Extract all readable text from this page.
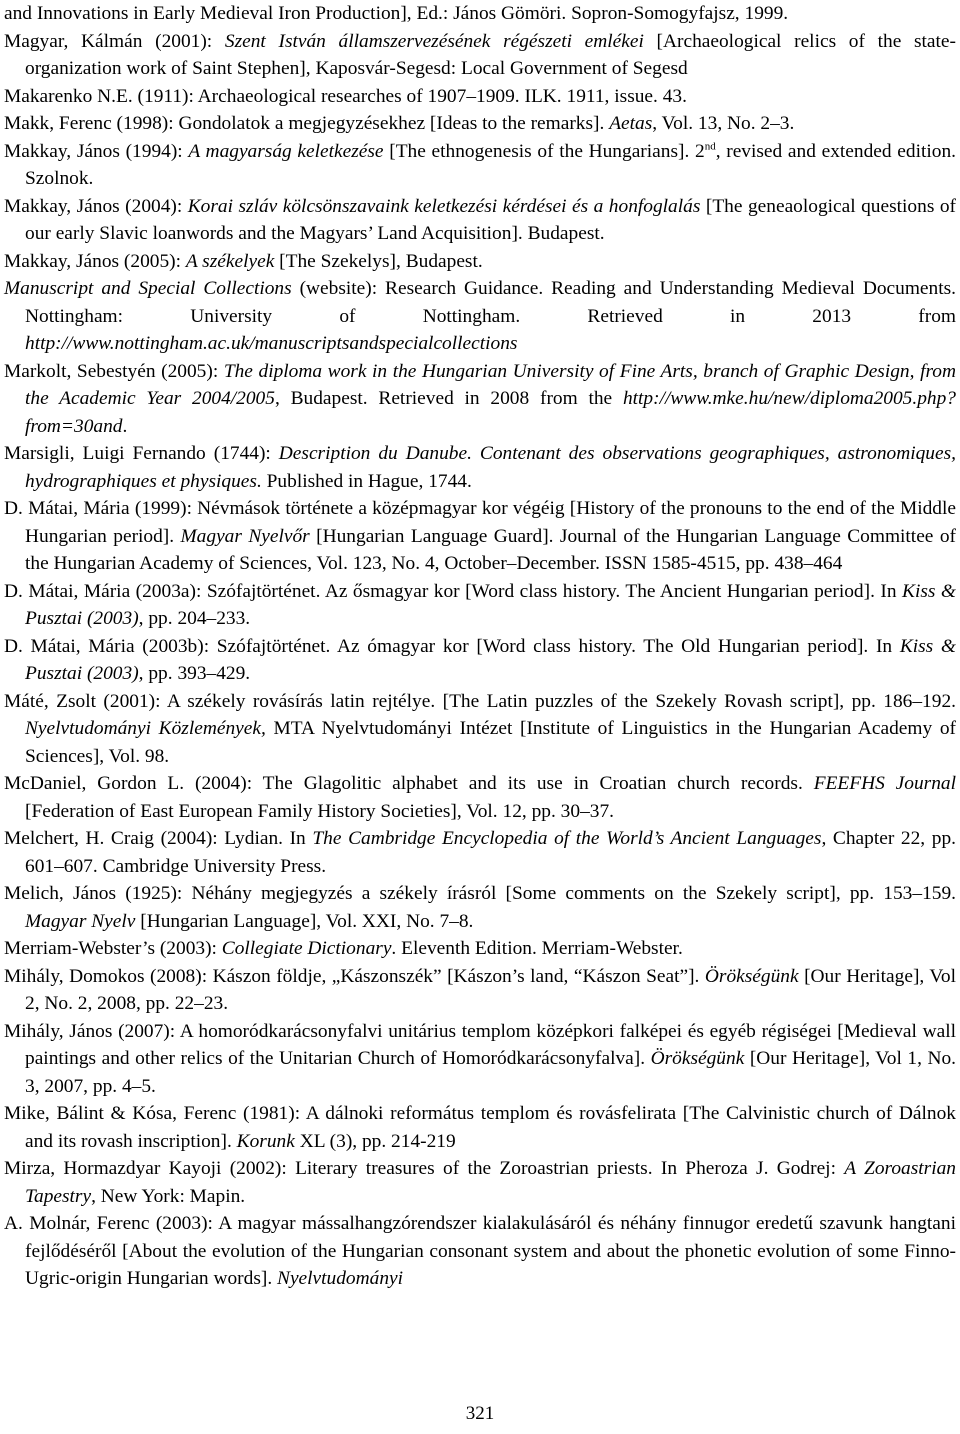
and Innovations in Early Medieval Iron Production], Ed.: János Gömöri. Sopron-Somogyfajsz, 1999.

Magyar, Kálmán (2001): Szent István államszervezésének régészeti emlékei [Archaeological relics of the state-organization work of Saint Stephen], Kaposvár-Segesd: Local Government of Segesd

Makarenko N.E. (1911): Archaeological researches of 1907–1909. ILK. 1911, issue. 43.

Makk, Ferenc (1998): Gondolatok a megjegyzésekhez [Ideas to the remarks]. Aetas, Vol. 13, No. 2–3.

Makkay, János (1994): A magyarság keletkezése [The ethnogenesis of the Hungarians]. 2nd, revised and extended edition. Szolnok.

Makkay, János (2004): Korai szláv kölcsönszavaink keletkezési kérdései és a honfoglalás [The geneaological questions of our early Slavic loanwords and the Magyars’ Land Acquisition]. Budapest.

Makkay, János (2005): A székelyek [The Szekelys], Budapest.

Manuscript and Special Collections (website): Research Guidance. Reading and Understanding Medieval Documents. Nottingham: University of Nottingham. Retrieved in 2013 from http://www.nottingham.ac.uk/manuscriptsandspecialcollections

Markolt, Sebestyén (2005): The diploma work in the Hungarian University of Fine Arts, branch of Graphic Design, from the Academic Year 2004/2005, Budapest. Retrieved in 2008 from the http://www.mke.hu/new/diploma2005.php?from=30and.

Marsigli, Luigi Fernando (1744): Description du Danube. Contenant des observations geographiques, astronomiques, hydrographiques et physiques. Published in Hague, 1744.

D. Mátai, Mária (1999): Névmások története a középmagyar kor végéig [History of the pronouns to the end of the Middle Hungarian period]. Magyar Nyelvőr [Hungarian Language Guard]. Journal of the Hungarian Language Committee of the Hungarian Academy of Sciences, Vol. 123, No. 4, October–December. ISSN 1585-4515, pp. 438–464

D. Mátai, Mária (2003a): Szófajtörténet. Az ősmagyar kor [Word class history. The Ancient Hungarian period]. In Kiss & Pusztai (2003), pp. 204–233.

D. Mátai, Mária (2003b): Szófajtörténet. Az ómagyar kor [Word class history. The Old Hungarian period]. In Kiss & Pusztai (2003), pp. 393–429.

Máté, Zsolt (2001): A székely rovásírás latin rejtélye. [The Latin puzzles of the Szekely Rovash script], pp. 186–192. Nyelvtudományi Közlemények, MTA Nyelvtudományi Intézet [Institute of Linguistics in the Hungarian Academy of Sciences], Vol. 98.

McDaniel, Gordon L. (2004): The Glagolitic alphabet and its use in Croatian church records. FEEFHS Journal [Federation of East European Family History Societies], Vol. 12, pp. 30–37.

Melchert, H. Craig (2004): Lydian. In The Cambridge Encyclopedia of the World’s Ancient Languages, Chapter 22, pp. 601–607. Cambridge University Press.

Melich, János (1925): Néhány megjegyzés a székely írásról [Some comments on the Szekely script], pp. 153–159. Magyar Nyelv [Hungarian Language], Vol. XXI, No. 7–8.

Merriam-Webster’s (2003): Collegiate Dictionary. Eleventh Edition. Merriam-Webster.

Mihály, Domokos (2008): Kászon földje, „Kászonszék” [Kászon’s land, “Kászon Seat”]. Örökségünk [Our Heritage], Vol 2, No. 2, 2008, pp. 22–23.

Mihály, János (2007): A homoródkarácsonyfalvi unitárius templom középkori falképei és egyéb régiségei [Medieval wall paintings and other relics of the Unitarian Church of Homoródkarácsonyfalva]. Örökségünk [Our Heritage], Vol 1, No. 3, 2007, pp. 4–5.

Mike, Bálint & Kósa, Ferenc (1981): A dálnoki református templom és rovásfelirata [The Calvinistic church of Dálnok and its rovash inscription]. Korunk XL (3), pp. 214-219

Mirza, Hormazdyar Kayoji (2002): Literary treasures of the Zoroastrian priests. In Pheroza J. Godrej: A Zoroastrian Tapestry, New York: Mapin.

A. Molnár, Ferenc (2003): A magyar mássalhangzórendszer kialakulásáról és néhány finnugor eredetű szavunk hangtani fejlődéséről [About the evolution of the Hungarian consonant system and about the phonetic evolution of some Finno-Ugric-origin Hungarian words]. Nyelvtudományi

321
